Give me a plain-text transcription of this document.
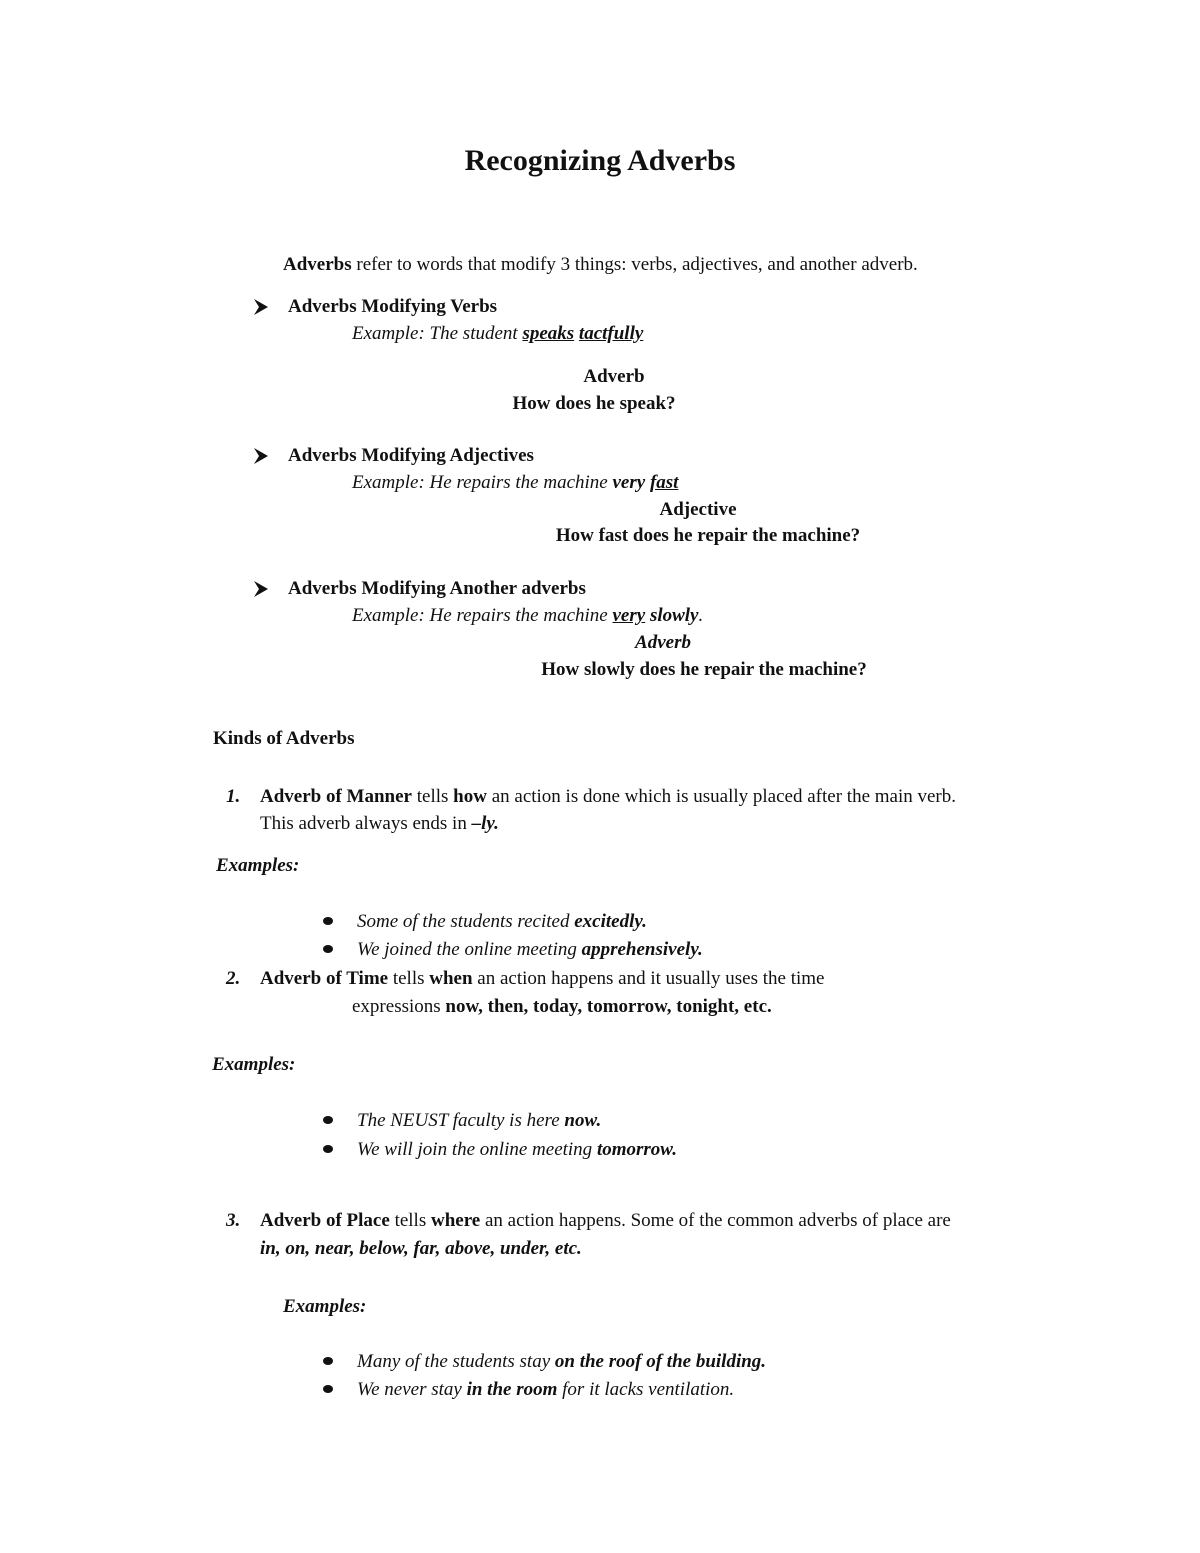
Recognizing Adverbs
Adverbs refer to words that modify 3 things: verbs, adjectives, and another adverb.
Adverbs Modifying Verbs
Example: The student speaks tactfully
Adverb
How does he speak?
Adverbs Modifying Adjectives
Example: He repairs the machine very fast
Adjective
How fast does he repair the machine?
Adverbs Modifying Another adverbs
Example: He repairs the machine very slowly.
Adverb
How slowly does he repair the machine?
Kinds of Adverbs
1. Adverb of Manner tells how an action is done which is usually placed after the main verb.
This adverb always ends in –ly.
Examples:
Some of the students recited excitedly.
We joined the online meeting apprehensively.
2. Adverb of Time tells when an action happens and it usually uses the time
expressions now, then, today, tomorrow, tonight, etc.
Examples:
The NEUST faculty is here now.
We will join the online meeting tomorrow.
3. Adverb of Place tells where an action happens. Some of the common adverbs of place are
in, on, near, below, far, above, under, etc.
Examples:
Many of the students stay on the roof of the building.
We never stay in the room for it lacks ventilation.
